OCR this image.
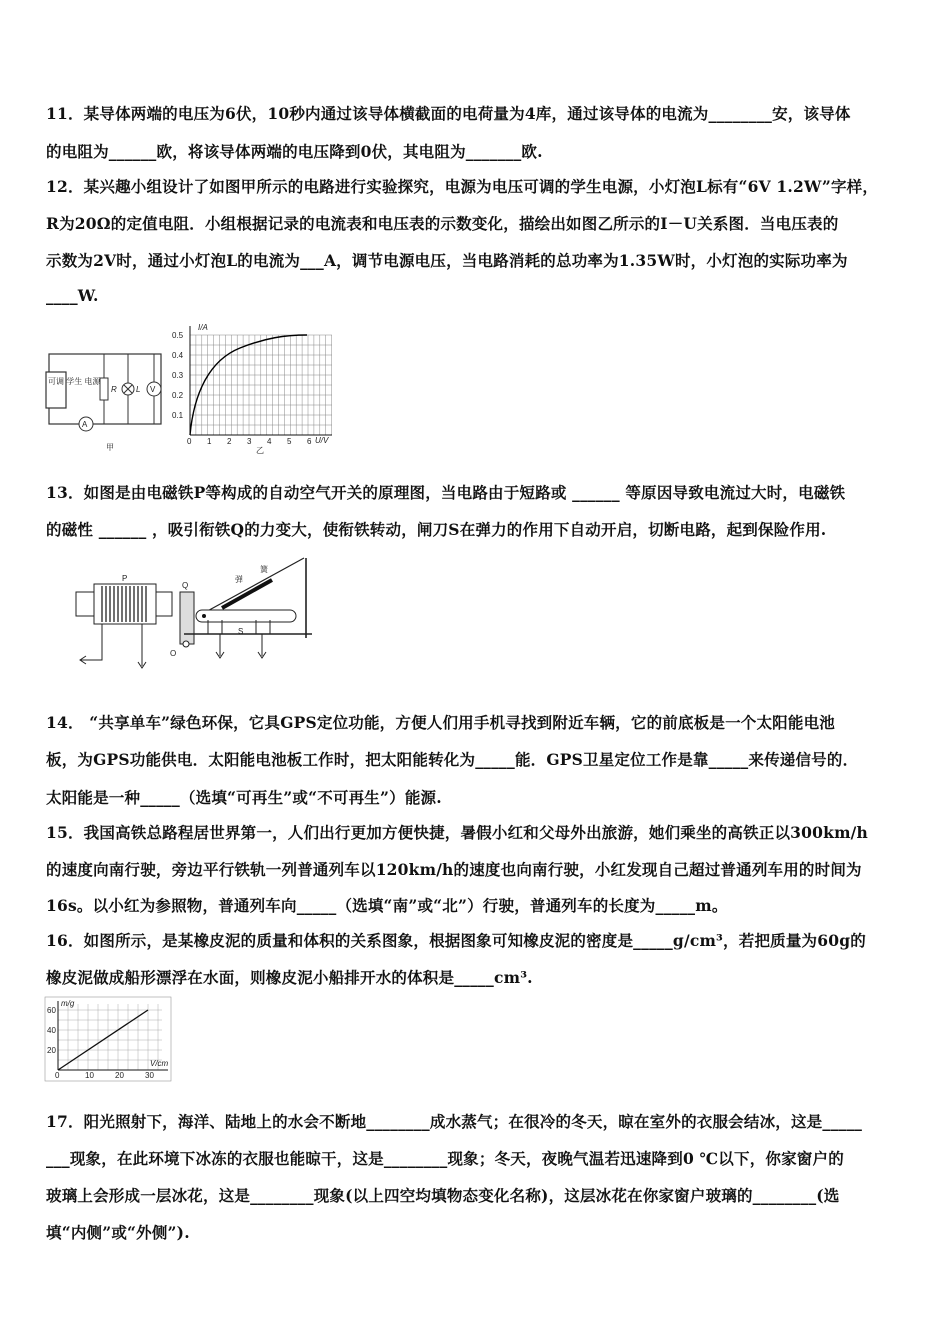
11．某导体两端的电压为6伏，10秒内通过该导体横截面的电荷量为4库，通过该导体的电流为________安，该导体
的电阻为______欧，将该导体两端的电压降到0伏，其电阻为_______欧.
12．某兴趣小组设计了如图甲所示的电路进行实验探究，电源为电压可调的学生电源，小灯泡L标有“6V 1.2W”字样，
R为20Ω的定值电阻．小组根据记录的电流表和电压表的示数变化，描绘出如图乙所示的I－U关系图．当电压表的
示数为2V时，通过小灯泡L的电流为___A，调节电源电压，当电路消耗的总功率为1.35W时，小灯泡的实际功率为
____W.
可调 学生 电源
R L V
A
甲
I/A
U/V
0.5
0.4
0.3
0.2
0.1
0 1 2 3 4 5 6
乙
13．如图是由电磁铁P等构成的自动空气开关的原理图，当电路由于短路或 ______ 等原因导致电流过大时，电磁铁
的磁性 ______ ，吸引衔铁Q的力变大，使衔铁转动，闸刀S在弹力的作用下自动开启，切断电路，起到保险作用.
P
Q
O
弹
簧
S
14． “共享单车”绿色环保，它具GPS定位功能，方便人们用手机寻找到附近车辆，它的前底板是一个太阳能电池
板，为GPS功能供电．太阳能电池板工作时，把太阳能转化为_____能．GPS卫星定位工作是靠_____来传递信号的．
太阳能是一种_____（选填“可再生”或“不可再生”）能源.
15．我国高铁总路程居世界第一，人们出行更加方便快捷，暑假小红和父母外出旅游，她们乘坐的高铁正以300km/h
的速度向南行驶，旁边平行铁轨一列普通列车以120km/h的速度也向南行驶，小红发现自己超过普通列车用的时间为
16s。以小红为参照物，普通列车向_____（选填“南”或“北”）行驶，普通列车的长度为_____m。
16．如图所示，是某橡皮泥的质量和体积的关系图象，根据图象可知橡皮泥的密度是_____g/cm³，若把质量为60g的
橡皮泥做成船形漂浮在水面，则橡皮泥小船排开水的体积是_____cm³.
m/g
V/cm
60
40
20
0	10	20	30
17．阳光照射下，海洋、陆地上的水会不断地________成水蒸气；在很冷的冬天，晾在室外的衣服会结冰，这是_____
___现象，在此环境下冰冻的衣服也能晾干，这是________现象；冬天，夜晚气温若迅速降到0 ℃以下，你家窗户的
玻璃上会形成一层冰花，这是________现象(以上四空均填物态变化名称)，这层冰花在你家窗户玻璃的________(选
填“内侧”或“外侧”).
